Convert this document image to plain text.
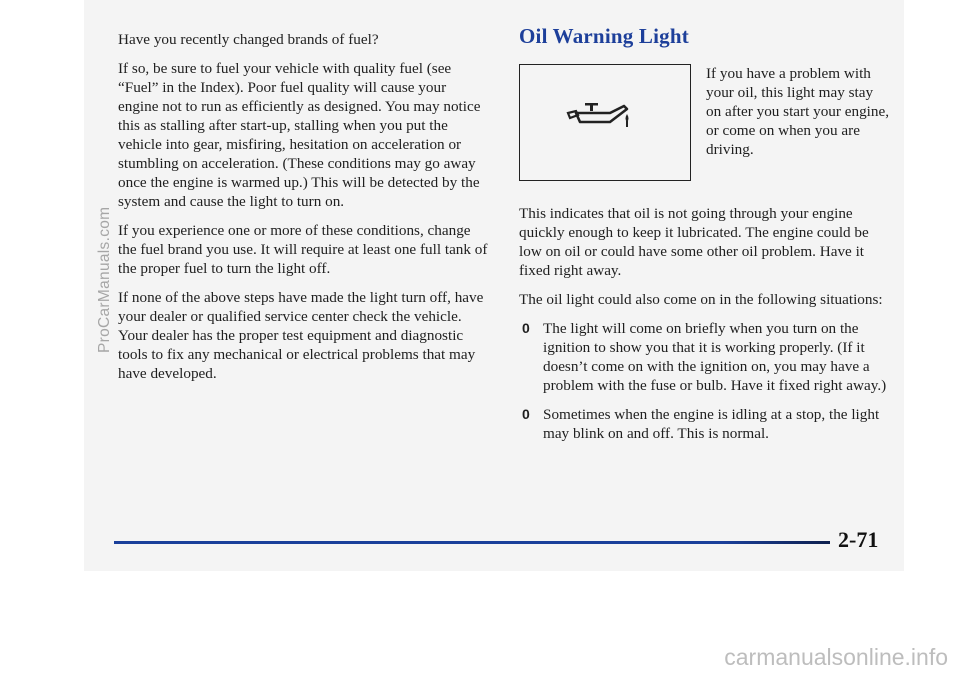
Have you recently changed brands of fuel?

If so, be sure to fuel your vehicle with quality fuel (see “Fuel” in the Index). Poor fuel quality will cause your engine not to run as efficiently as designed. You may notice this as stalling after start-up, stalling when you put the vehicle into gear, misfiring, hesitation on acceleration or stumbling on acceleration. (These conditions may go away once the engine is warmed up.) This will be detected by the system and cause the light to turn on.

If you experience one or more of these conditions, change the fuel brand you use. It will require at least one full tank of the proper fuel to turn the light off.

If none of the above steps have made the light turn off, have your dealer or qualified service center check the vehicle. Your dealer has the proper test equipment and diagnostic tools to fix any mechanical or electrical problems that may have developed.

Oil Warning Light
If you have a problem with your oil, this light may stay on after you start your engine, or come on when you are driving.

This indicates that oil is not going through your engine quickly enough to keep it lubricated. The engine could be low on oil or could have some other oil problem. Have it fixed right away.

The oil light could also come on in the following situations:

0 The light will come on briefly when you turn on the ignition to show you that it is working properly. (If it doesn’t come on with the ignition on, you may have a problem with the fuse or bulb. Have it fixed right away.)
0 Sometimes when the engine is idling at a stop, the light may blink on and off. This is normal.
2-71
ProCarManuals.com
carmanualsonline.info
